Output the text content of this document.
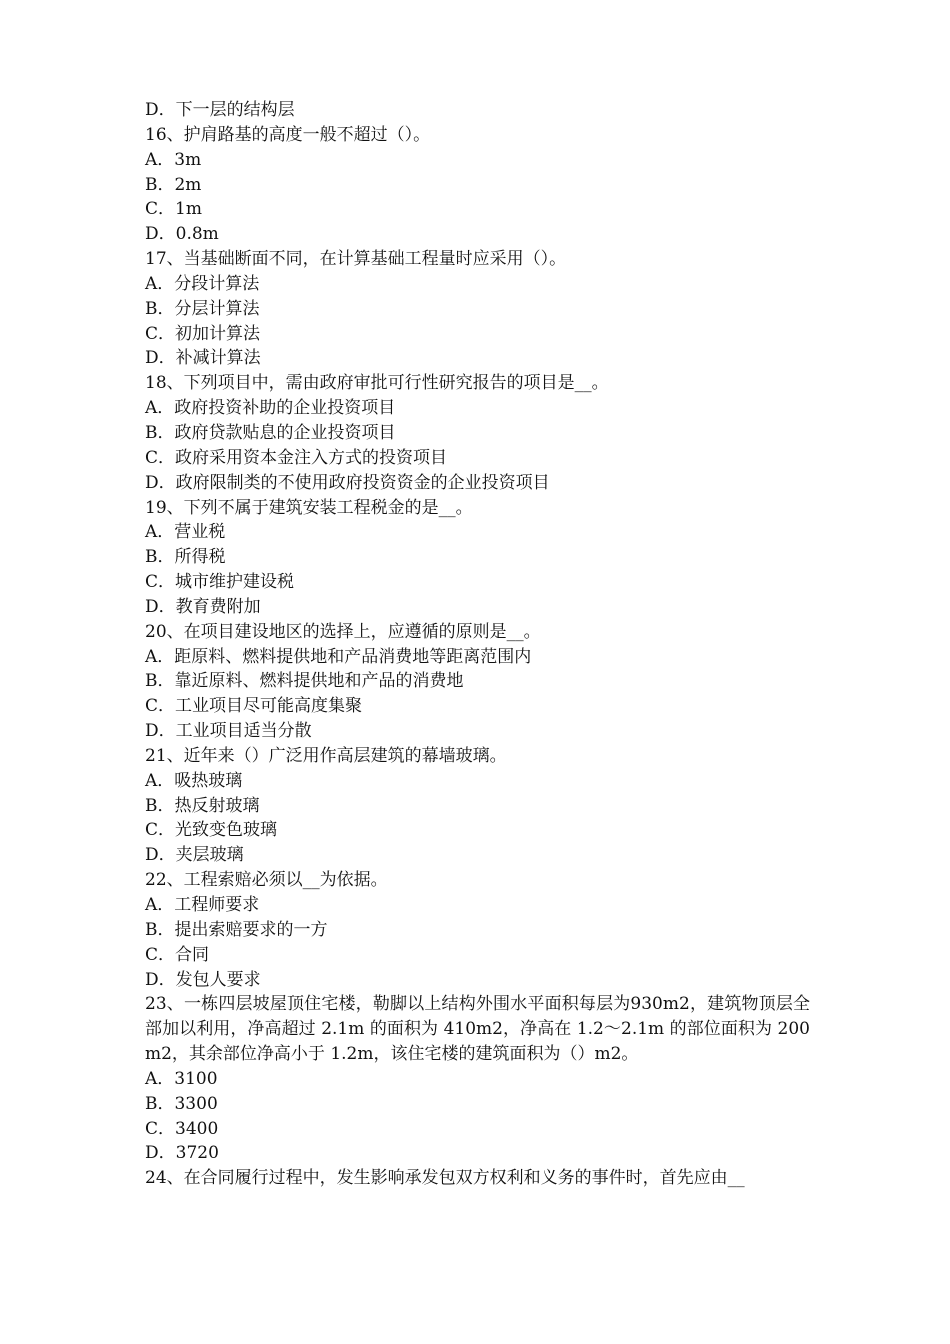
D．下一层的结构层
16、护肩路基的高度一般不超过（）。
A．3m
B．2m
C．1m
D．0.8m
17、当基础断面不同，在计算基础工程量时应采用（）。
A．分段计算法
B．分层计算法
C．初加计算法
D．补减计算法
18、下列项目中，需由政府审批可行性研究报告的项目是__。
A．政府投资补助的企业投资项目
B．政府贷款贴息的企业投资项目
C．政府采用资本金注入方式的投资项目
D．政府限制类的不使用政府投资资金的企业投资项目
19、下列不属于建筑安装工程税金的是__。
A．营业税
B．所得税
C．城市维护建设税
D．教育费附加
20、在项目建设地区的选择上，应遵循的原则是__。
A．距原料、燃料提供地和产品消费地等距离范围内
B．靠近原料、燃料提供地和产品的消费地
C．工业项目尽可能高度集聚
D．工业项目适当分散
21、近年来（）广泛用作高层建筑的幕墙玻璃。
A．吸热玻璃
B．热反射玻璃
C．光致变色玻璃
D．夹层玻璃
22、工程索赔必须以__为依据。
A．工程师要求
B．提出索赔要求的一方
C．合同
D．发包人要求
23、一栋四层坡屋顶住宅楼，勒脚以上结构外围水平面积每层为930m2，建筑物顶层全部加以利用，净高超过 2.1m 的面积为 410m2，净高在 1.2～2.1m 的部位面积为 200m2，其余部位净高小于 1.2m，该住宅楼的建筑面积为（）m2。
A．3100
B．3300
C．3400
D．3720
24、在合同履行过程中，发生影响承发包双方权利和义务的事件时，首先应由__
